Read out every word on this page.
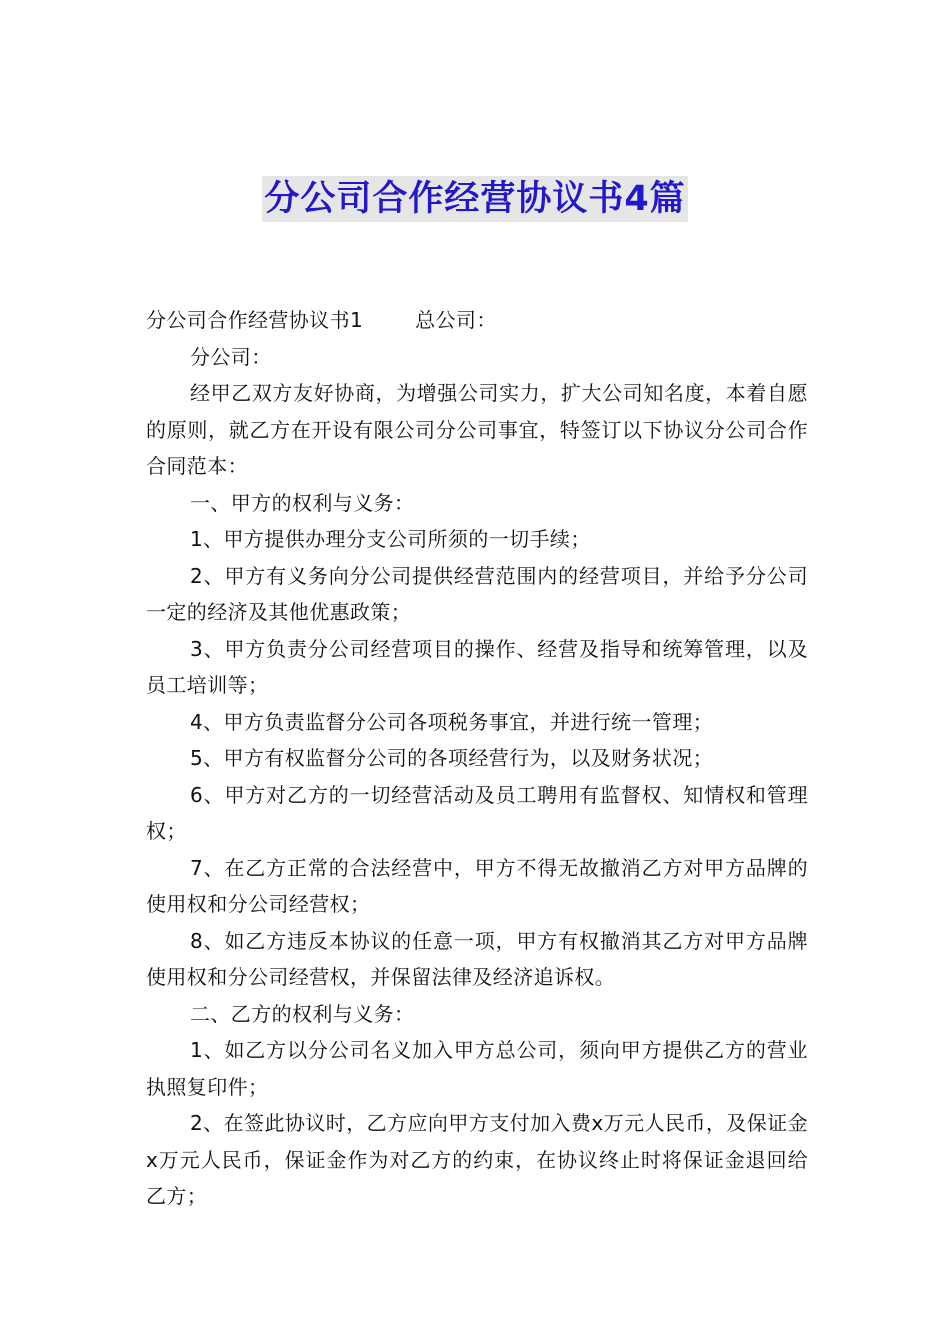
分公司合作经营协议书4篇

分公司合作经营协议书1	总公司：

分公司：

经甲乙双方友好协商，为增强公司实力，扩大公司知名度，本着自愿的原则，就乙方在开设有限公司分公司事宜，特签订以下协议分公司合作合同范本：

一、甲方的权利与义务：

1、甲方提供办理分支公司所须的一切手续；

2、甲方有义务向分公司提供经营范围内的经营项目，并给予分公司一定的经济及其他优惠政策；

3、甲方负责分公司经营项目的操作、经营及指导和统筹管理，以及员工培训等；

4、甲方负责监督分公司各项税务事宜，并进行统一管理；

5、甲方有权监督分公司的各项经营行为，以及财务状况；

6、甲方对乙方的一切经营活动及员工聘用有监督权、知情权和管理权；

7、在乙方正常的合法经营中，甲方不得无故撤消乙方对甲方品牌的使用权和分公司经营权；

8、如乙方违反本协议的任意一项，甲方有权撤消其乙方对甲方品牌使用权和分公司经营权，并保留法律及经济追诉权。

二、乙方的权利与义务：

1、如乙方以分公司名义加入甲方总公司，须向甲方提供乙方的营业执照复印件；

2、在签此协议时，乙方应向甲方支付加入费x万元人民币，及保证金x万元人民币，保证金作为对乙方的约束，在协议终止时将保证金退回给乙方；
